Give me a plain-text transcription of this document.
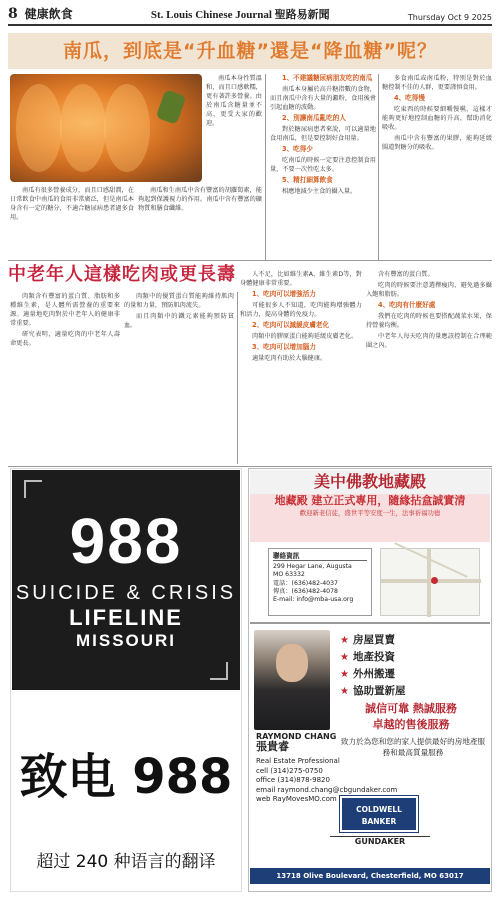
8 健康飲食	St. Louis Chinese Journal 聖路易新聞	Thursday Oct 9 2025
南瓜，到底是“升血糖”還是“降血糖”呢？

南瓜本身性質溫和，而且口感軟糯，更有著許多營養。由於南瓜含糖量並不高，更受大家的歡迎。

南瓜有很多營養成分，而且口感甜潤，在日常飲食中南瓜的食用非常廣泛，但是南瓜本身含有一定的糖分，不適合糖尿病患者過多食用。

南瓜和生南瓜中含有豐富的胡蘿蔔素，能夠起到保護視力的作用。南瓜中含有豐富的礦物質和膳食纖維。

1、不建議糖尿病朋友吃的南瓜

南瓜本身屬於高升糖指數的食物，而且南瓜中含有大量的澱粉，食用後會引起血糖的波動。

2、別讓南瓜亂吃的人

對於糖尿病患者來說，可以適量地食用南瓜，但是要控制好食用量。

3、吃得少

吃南瓜的時候一定要注意控制食用量，不要一次性吃太多。

5、精打細算飲食

相應地減少主食的攝入量。

多食南瓜或南瓜粉，特別是對於血糖控制不佳的人群，更要謹慎食用。

4、吃得慢

吃東西的時候要細嚼慢嚥，這樣才能夠更好地控制血糖的升高，幫助消化吸收。

南瓜中含有豐富的果膠，能夠延緩腸道對糖分的吸收。

中老年人這樣吃肉或更長壽

肉類含有豐富的蛋白質、脂肪和多種維生素，是人體所需營養的重要來源。適量地吃肉對於中老年人的健康非常重要。

研究表明，適量吃肉的中老年人壽命更長。

肉類中的優質蛋白質能夠維持肌肉的量和力量，預防肌肉流失。

而且肉類中的鐵元素能夠預防貧血。

人不足，比如維生素A、維生素D等，對身體健康非常重要。

1、吃肉可以增強活力

可能很多人不知道，吃肉能夠增強體力和活力，提高身體的免疫力。

2、吃肉可以減緩皮膚老化

肉類中的膠原蛋白能夠延緩皮膚老化。

3、吃肉可以增加腦力

適量吃肉有助於大腦健康。

含有豐富的蛋白質。

吃肉的時候要注意選擇瘦肉，避免過多攝入飽和脂肪。

4、吃肉有什麼好處

我們在吃肉的時候也要搭配蔬菜水果，保持營養均衡。

中老年人每天吃肉的量應該控制在合理範圍之內。

988
SUICIDE & CRISIS
LIFELINE
MISSOURI
致电 988
超过 240 种语言的翻译
美中佛教地藏殿
地藏殿 建立正式專用，隨緣拈盒誠實清
歡迎新老信徒，盛世平等安度一生，法事祈福功德
聯絡資訊
299 Hegar Lane, Augusta
MO 63332
電話：(636)482-4037
傳真：(636)482-4078
E-mail: info@mba-usa.org
★ 房屋買賣
★ 地產投資
★ 外州搬遷
★ 協助置新屋
誠信可靠 熱誠服務
卓越的售後服務
RAYMOND CHANG
張貴睿
Real Estate Professional
cell (314)275-0750
office (314)878-9820
email raymond.chang@cbgundaker.com
web RayMovesMO.com
致力於為您和您的家人提供最好的房地產服務和最高質量服務
COLDWELL
BANKER
GUNDAKER
13718 Olive Boulevard, Chesterfield, MO 63017
